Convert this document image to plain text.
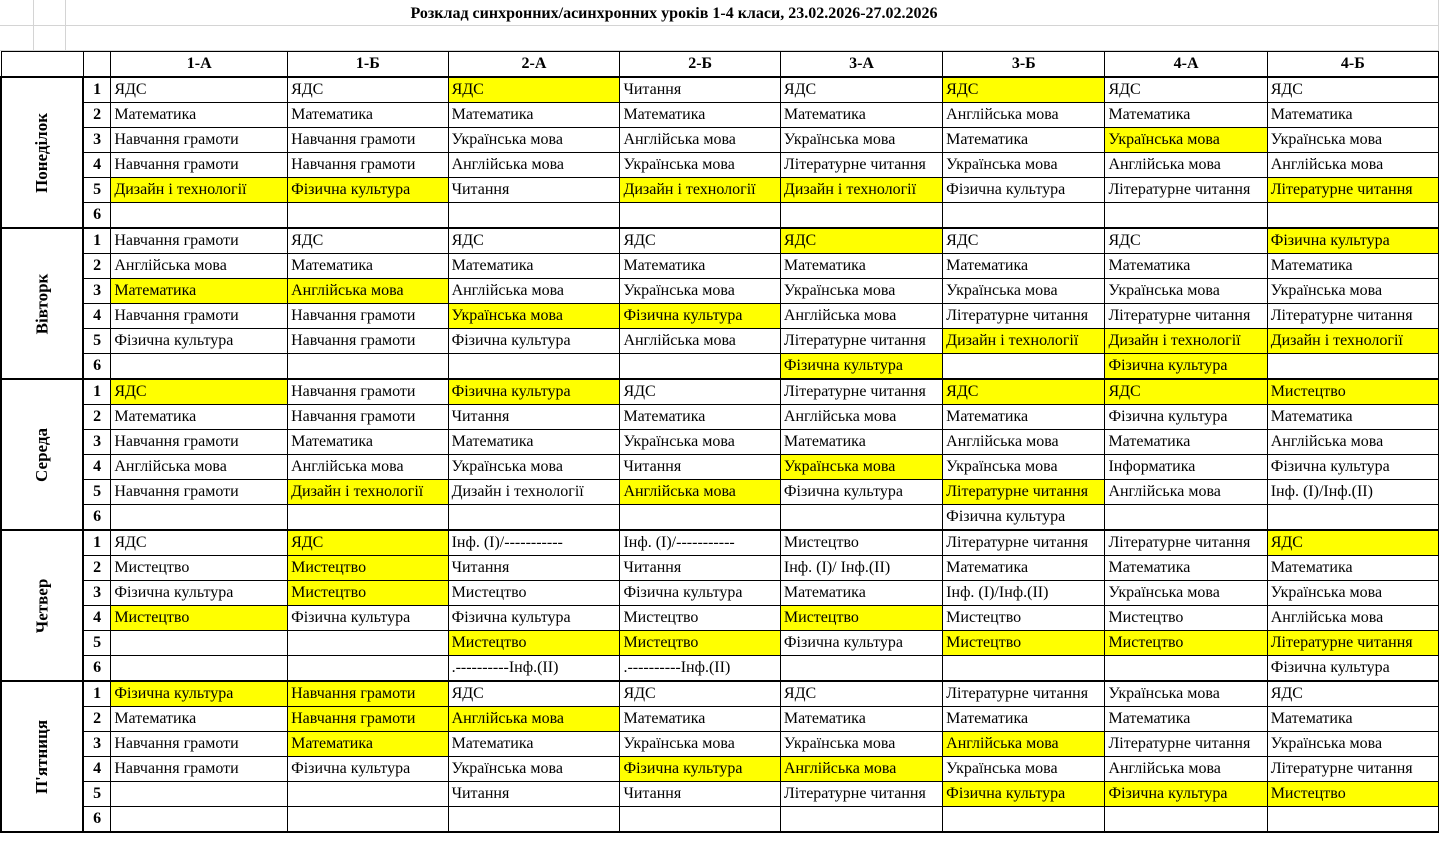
Розклад синхронних/асинхронних уроків 1-4 класи, 23.02.2026-27.02.2026
		1-А	1-Б	2-А	2-Б	3-А	3-Б	4-А	4-Б
Понеділок	1	ЯДС	ЯДС	ЯДС	Читання	ЯДС	ЯДС	ЯДС	ЯДС
	2	Математика	Математика	Математика	Математика	Математика	Англійська мова	Математика	Математика
	3	Навчання грамоти	Навчання грамоти	Українська мова	Англійська мова	Українська мова	Математика	Українська мова	Українська мова
	4	Навчання грамоти	Навчання грамоти	Англійська мова	Українська мова	Літературне читання	Українська мова	Англійська мова	Англійська мова
	5	Дизайн і технології	Фізична культура	Читання	Дизайн і технології	Дизайн і технології	Фізична культура	Літературне читання	Літературне читання
	6								
Вівторк	1	Навчання грамоти	ЯДС	ЯДС	ЯДС	ЯДС	ЯДС	ЯДС	Фізична культура
	2	Англійська мова	Математика	Математика	Математика	Математика	Математика	Математика	Математика
	3	Математика	Англійська мова	Англійська мова	Українська мова	Українська мова	Українська мова	Українська мова	Українська мова
	4	Навчання грамоти	Навчання грамоти	Українська мова	Фізична культура	Англійська мова	Літературне читання	Літературне читання	Літературне читання
	5	Фізична культура	Навчання грамоти	Фізична культура	Англійська мова	Літературне читання	Дизайн і технології	Дизайн і технології	Дизайн і технології
	6					Фізична культура		Фізична культура	
Середа	1	ЯДС	Навчання грамоти	Фізична культура	ЯДС	Літературне читання	ЯДС	ЯДС	Мистецтво
	2	Математика	Навчання грамоти	Читання	Математика	Англійська мова	Математика	Фізична культура	Математика
	3	Навчання грамоти	Математика	Математика	Українська мова	Математика	Англійська мова	Математика	Англійська мова
	4	Англійська мова	Англійська мова	Українська мова	Читання	Українська мова	Українська мова	Інформатика	Фізична культура
	5	Навчання грамоти	Дизайн і технології	Дизайн і технології	Англійська мова	Фізична культура	Літературне читання	Англійська мова	Інф. (І)/Інф.(ІІ)
	6						Фізична культура		
Четвер	1	ЯДС	ЯДС	Інф. (І)/-----------	Інф. (І)/-----------	Мистецтво	Літературне читання	Літературне читання	ЯДС
	2	Мистецтво	Мистецтво	Читання	Читання	Інф. (І)/ Інф.(ІІ)	Математика	Математика	Математика
	3	Фізична культура	Мистецтво	Мистецтво	Фізична культура	Математика	Інф. (І)/Інф.(ІІ)	Українська мова	Українська мова
	4	Мистецтво	Фізична культура	Фізична культура	Мистецтво	Мистецтво	Мистецтво	Мистецтво	Англійська мова
	5			Мистецтво	Мистецтво	Фізична культура	Мистецтво	Мистецтво	Літературне читання
	6			.----------Інф.(ІІ)	.----------Інф.(ІІ)				Фізична культура
П'ятниця	1	Фізична культура	Навчання грамоти	ЯДС	ЯДС	ЯДС	Літературне читання	Українська мова	ЯДС
	2	Математика	Навчання грамоти	Англійська мова	Математика	Математика	Математика	Математика	Математика
	3	Навчання грамоти	Математика	Математика	Українська мова	Українська мова	Англійська мова	Літературне читання	Українська мова
	4	Навчання грамоти	Фізична культура	Українська мова	Фізична культура	Англійська мова	Українська мова	Англійська мова	Літературне читання
	5			Читання	Читання	Літературне читання	Фізична культура	Фізична культура	Мистецтво
	6								
